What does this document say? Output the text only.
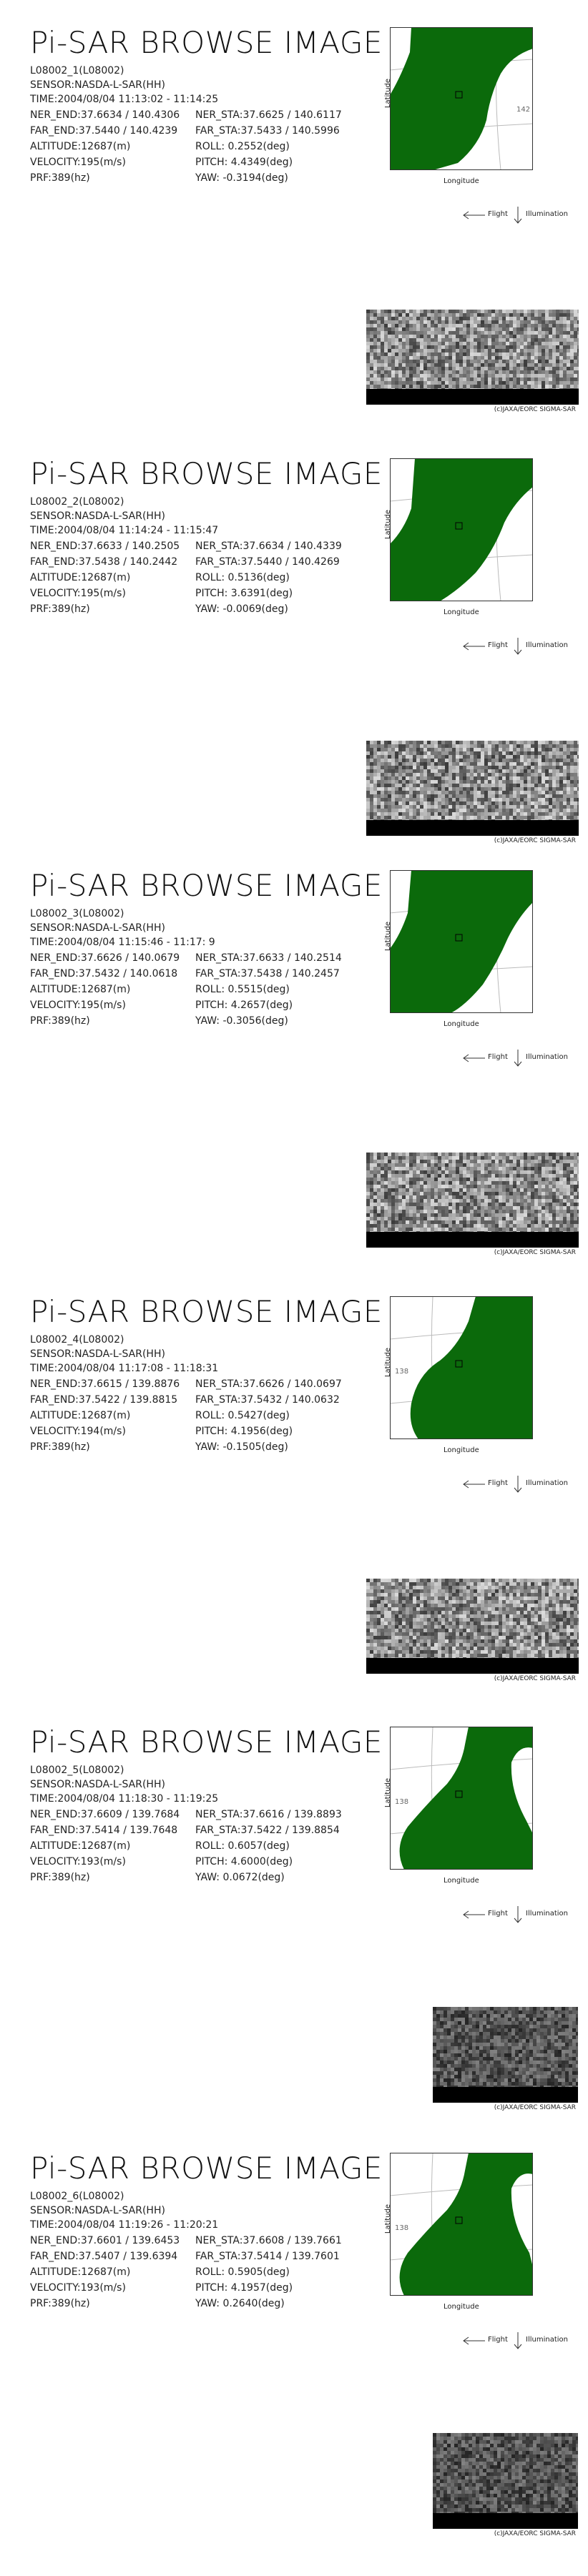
Pi-SAR BROWSE IMAGE
L08002_1(L08002)
SENSOR:NASDA-L-SAR(HH)
TIME:2004/08/04 11:13:02 - 11:14:25
NER_END:37.6634 / 140.4306 NER_STA:37.6625 / 140.6117
FAR_END:37.5440 / 140.4239 FAR_STA:37.5433 / 140.5996
ALTITUDE:12687(m)	ROLL: 0.2552(deg)
VELOCITY:195(m/s)	PITCH: 4.4349(deg)
PRF:389(hz)	YAW: -0.3194(deg)
142
Latitude
Longitude
Flight	Illumination
(c)JAXA/EORC SIGMA-SAR
Pi-SAR BROWSE IMAGE
L08002_2(L08002)
SENSOR:NASDA-L-SAR(HH)
TIME:2004/08/04 11:14:24 - 11:15:47
NER_END:37.6633 / 140.2505 NER_STA:37.6634 / 140.4339
FAR_END:37.5438 / 140.2442 FAR_STA:37.5440 / 140.4269
ALTITUDE:12687(m)	ROLL: 0.5136(deg)
VELOCITY:195(m/s)	PITCH: 3.6391(deg)
PRF:389(hz)	YAW: -0.0069(deg)
Latitude
Longitude
Flight	Illumination
(c)JAXA/EORC SIGMA-SAR
Pi-SAR BROWSE IMAGE
L08002_3(L08002)
SENSOR:NASDA-L-SAR(HH)
TIME:2004/08/04 11:15:46 - 11:17: 9
NER_END:37.6626 / 140.0679 NER_STA:37.6633 / 140.2514
FAR_END:37.5432 / 140.0618 FAR_STA:37.5438 / 140.2457
ALTITUDE:12687(m)	ROLL: 0.5515(deg)
VELOCITY:195(m/s)	PITCH: 4.2657(deg)
PRF:389(hz)	YAW: -0.3056(deg)
Latitude
Longitude
Flight	Illumination
(c)JAXA/EORC SIGMA-SAR
Pi-SAR BROWSE IMAGE
L08002_4(L08002)
SENSOR:NASDA-L-SAR(HH)
TIME:2004/08/04 11:17:08 - 11:18:31
NER_END:37.6615 / 139.8876 NER_STA:37.6626 / 140.0697
FAR_END:37.5422 / 139.8815 FAR_STA:37.5432 / 140.0632
ALTITUDE:12687(m)	ROLL: 0.5427(deg)
VELOCITY:194(m/s)	PITCH: 4.1956(deg)
PRF:389(hz)	YAW: -0.1505(deg)
138
Latitude
Longitude
Flight	Illumination
(c)JAXA/EORC SIGMA-SAR
Pi-SAR BROWSE IMAGE
L08002_5(L08002)
SENSOR:NASDA-L-SAR(HH)
TIME:2004/08/04 11:18:30 - 11:19:25
NER_END:37.6609 / 139.7684 NER_STA:37.6616 / 139.8893
FAR_END:37.5414 / 139.7648 FAR_STA:37.5422 / 139.8854
ALTITUDE:12687(m)	ROLL: 0.6057(deg)
VELOCITY:193(m/s)	PITCH: 4.6000(deg)
PRF:389(hz)	YAW: 0.0672(deg)
138
Latitude
Longitude
Flight	Illumination
(c)JAXA/EORC SIGMA-SAR
Pi-SAR BROWSE IMAGE
L08002_6(L08002)
SENSOR:NASDA-L-SAR(HH)
TIME:2004/08/04 11:19:26 - 11:20:21
NER_END:37.6601 / 139.6453 NER_STA:37.6608 / 139.7661
FAR_END:37.5407 / 139.6394 FAR_STA:37.5414 / 139.7601
ALTITUDE:12687(m)	ROLL: 0.5905(deg)
VELOCITY:193(m/s)	PITCH: 4.1957(deg)
PRF:389(hz)	YAW: 0.2640(deg)
138
Latitude
Longitude
Flight	Illumination
(c)JAXA/EORC SIGMA-SAR
